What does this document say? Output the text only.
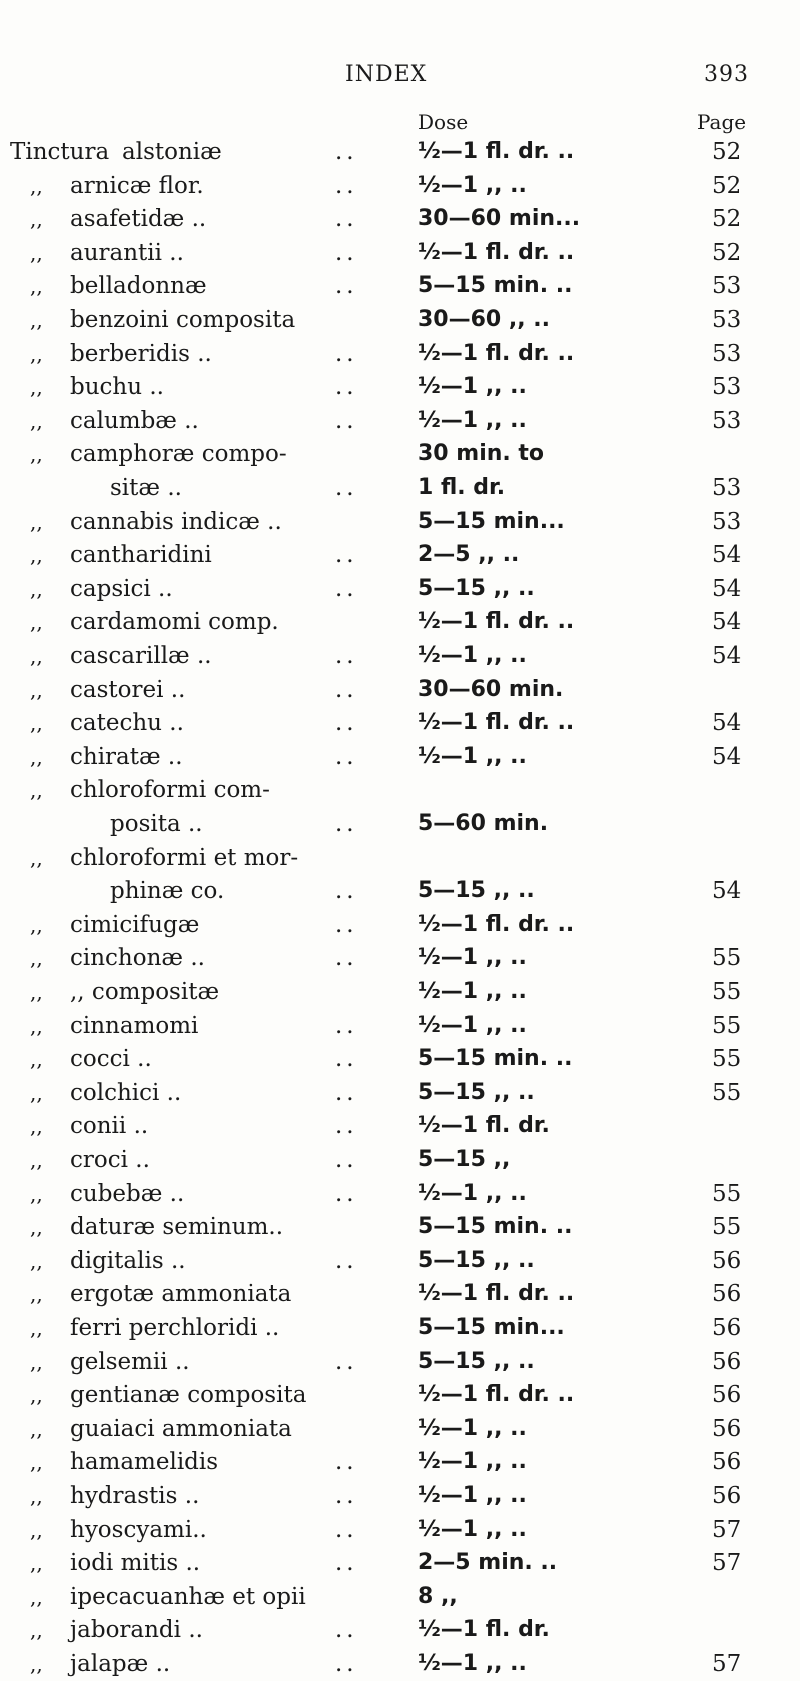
INDEX	393
Dose	Page
Tinctura alstoniæ	..	½—1 fl. dr. ..	52
,, arnicæ flor.	..	½—1 ,, ..	52
,, asafetidæ ..	..	30—60 min...	52
,, aurantii ..	..	½—1 fl. dr. ..	52
,, belladonnæ	..	5—15 min. ..	53
,, benzoini composita	30—60 ,, ..	53
,, berberidis ..	..	½—1 fl. dr. ..	53
,, buchu ..	..	½—1 ,, ..	53
,, calumbæ ..	..	½—1 ,, ..	53
,, camphoræ compo-	30 min. to
sitæ ..	..	1 fl. dr.	53
,, cannabis indicæ ..	5—15 min...	53
,, cantharidini	..	2—5 ,, ..	54
,, capsici ..	..	5—15 ,, ..	54
,, cardamomi comp.	½—1 fl. dr. ..	54
,, cascarillæ ..	..	½—1 ,, ..	54
,, castorei ..	..	30—60 min.
,, catechu ..	..	½—1 fl. dr. ..	54
,, chiratæ ..	..	½—1 ,, ..	54
,, chloroformi com-
posita ..	..	5—60 min.
,, chloroformi et mor-
phinæ co.	..	5—15 ,, ..	54
,, cimicifugæ	..	½—1 fl. dr. ..
,, cinchonæ ..	..	½—1 ,, ..	55
,, ,, compositæ	½—1 ,, ..	55
,, cinnamomi	..	½—1 ,, ..	55
,, cocci ..	..	5—15 min. ..	55
,, colchici ..	..	5—15 ,, ..	55
,, conii ..	..	½—1 fl. dr.
,, croci ..	..	5—15 ,,
,, cubebæ ..	..	½—1 ,, ..	55
,, daturæ seminum..	5—15 min. ..	55
,, digitalis ..	..	5—15 ,, ..	56
,, ergotæ ammoniata	½—1 fl. dr. ..	56
,, ferri perchloridi ..	5—15 min...	56
,, gelsemii ..	..	5—15 ,, ..	56
,, gentianæ composita	½—1 fl. dr. ..	56
,, guaiaci ammoniata	½—1 ,, ..	56
,, hamamelidis	..	½—1 ,, ..	56
,, hydrastis ..	..	½—1 ,, ..	56
,, hyoscyami..	..	½—1 ,, ..	57
,, iodi mitis ..	..	2—5 min. ..	57
,, ipecacuanhæ et opii	8 ,,
,, jaborandi ..	..	½—1 fl. dr.
,, jalapæ ..	..	½—1 ,, ..	57
